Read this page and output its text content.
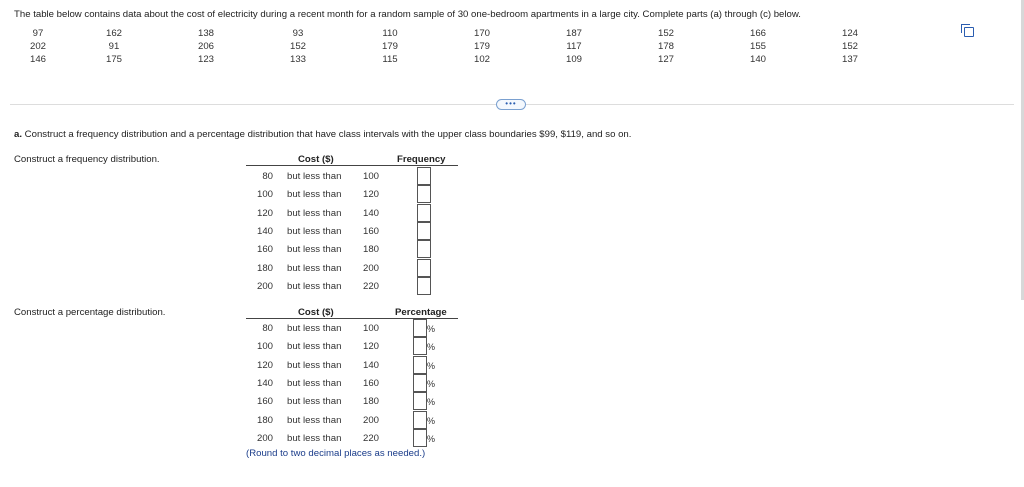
The table below contains data about the cost of electricity during a recent month for a random sample of 30 one-bedroom apartments in a large city. Complete parts (a) through (c) below.
97	162	138	93	110	170	187	152	166	124
202	91	206	152	179	179	117	178	155	152
146	175	123	133	115	102	109	127	140	137
•••
a. Construct a frequency distribution and a percentage distribution that have class intervals with the upper class boundaries $99, $119, and so on.
Construct a frequency distribution.	Cost ($)	Frequency
80 but less than 100
100 but less than 120
120 but less than 140
140 but less than 160
160 but less than 180
180 but less than 200
200 but less than 220
Construct a percentage distribution.	Cost ($)	Percentage
80 but less than 100	%
100 but less than 120	%
120 but less than 140	%
140 but less than 160	%
160 but less than 180	%
180 but less than 200	%
200 but less than 220	%
(Round to two decimal places as needed.)
